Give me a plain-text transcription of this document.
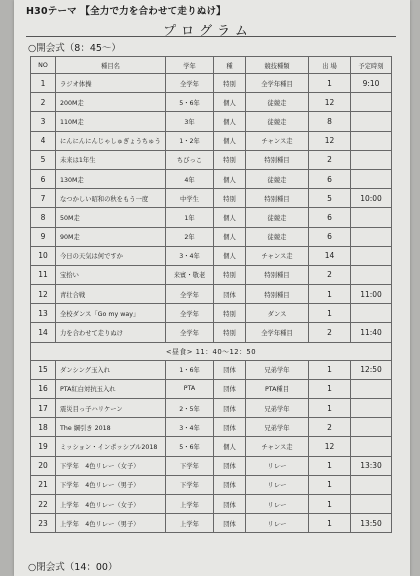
H30テーマ 【全力で力を合わせて走りぬけ】
プログラム
○開会式（8：45～）
NO	種目名	学年	種	競技種類	出 場	予定時刻
1	ラジオ体操	全学年	特別	全学年種目	1	9:10
2	200M走	5・6年	個人	徒競走	12	
3	110M走	3年	個人	徒競走	8	
4	にんにんにんじゃしゅぎょうちゅう	1・2年	個人	チャンス走	12	
5	未来は1年生	ちびっこ	特別	特別種目	2	
6	130M走	4年	個人	徒競走	6	
7	なつかしい昭和の秋をもう一度	中学生	特別	特別種目	5	10:00
8	50M走	1年	個人	徒競走	6	
9	90M走	2年	個人	徒競走	6	
10	今日の天気は何ですか	3・4年	個人	チャンス走	14	
11	宝拾い	来賓・敬老	特別	特別種目	2	
12	青壮合戦	全学年	団体	特別種目	1	11:00
13	全校ダンス「Go my way」	全学年	特別	ダンス	1	
14	力を合わせて走りぬけ	全学年	特別	全学年種目	2	11:40
<昼食> 11：40～12：50						
15	ダンシング玉入れ	1・6年	団体	兄弟学年	1	12:50
16	PTA紅白対抗玉入れ	PTA	団体	PTA種目	1	
17	震災目っ子ハリケーン	2・5年	団体	兄弟学年	1	
18	The 綱引き 2018	3・4年	団体	兄弟学年	2	
19	ミッション・インポッシブル2018	5・6年	個人	チャンス走	12	
20	下学年　4色リレー（女子）	下学年	団体	リレー	1	13:30
21	下学年　4色リレー（男子）	下学年	団体	リレー	1	
22	上学年　4色リレー（女子）	上学年	団体	リレー	1	
23	上学年　4色リレー（男子）	上学年	団体	リレー	1	13:50
○閉会式（14：00）
